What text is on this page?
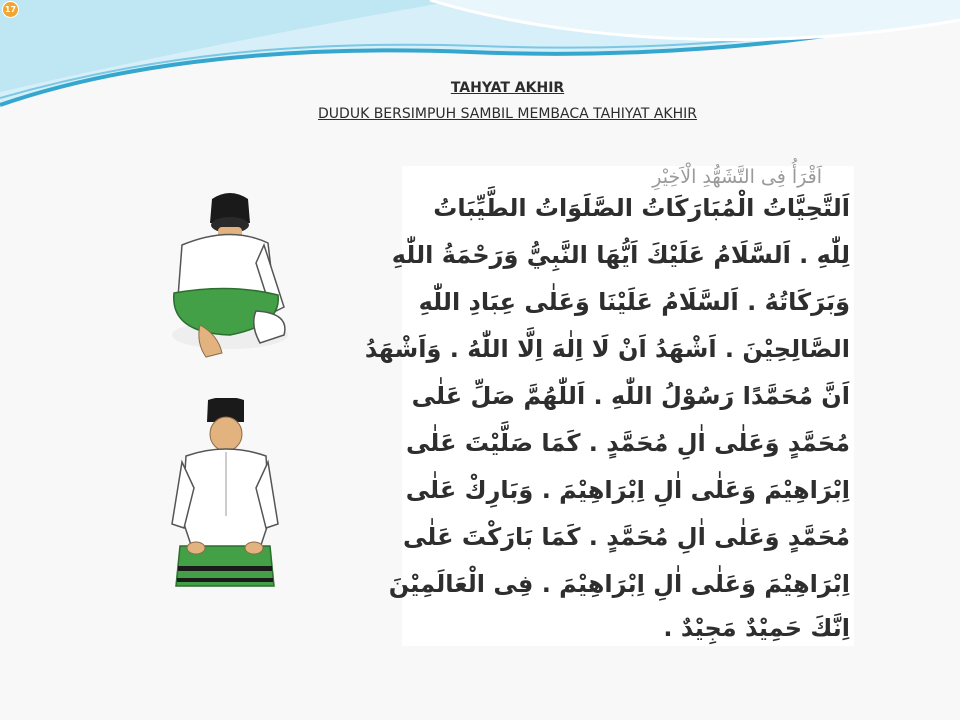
17
TAHYAT AKHIR
DUDUK BERSIMPUH SAMBIL MEMBACA TAHIYAT AKHIR

اَقْرَأُ فِى التَّشَهُّدِ الْاَخِيْرِ

اَلتَّحِيَّاتُ الْمُبَارَكَاتُ الصَّلَوَاتُ الطَّيِّبَاتُ

لِلّٰهِ . اَلسَّلَامُ عَلَيْكَ اَيُّهَا النَّبِيُّ وَرَحْمَةُ اللّٰهِ

وَبَرَكَاتُهُ . اَلسَّلَامُ عَلَيْنَا وَعَلٰى عِبَادِ اللّٰهِ

الصَّالِحِيْنَ . اَشْهَدُ اَنْ لَا اِلٰهَ اِلَّا اللّٰهُ . وَاَشْهَدُ

اَنَّ مُحَمَّدًا رَسُوْلُ اللّٰهِ . اَللّٰهُمَّ صَلِّ عَلٰى

مُحَمَّدٍ وَعَلٰى اٰلِ مُحَمَّدٍ . كَمَا صَلَّيْتَ عَلٰى

اِبْرَاهِيْمَ وَعَلٰى اٰلِ اِبْرَاهِيْمَ . وَبَارِكْ عَلٰى

مُحَمَّدٍ وَعَلٰى اٰلِ مُحَمَّدٍ . كَمَا بَارَكْتَ عَلٰى

اِبْرَاهِيْمَ وَعَلٰى اٰلِ اِبْرَاهِيْمَ . فِى الْعَالَمِيْنَ

اِنَّكَ حَمِيْدٌ مَجِيْدٌ .
